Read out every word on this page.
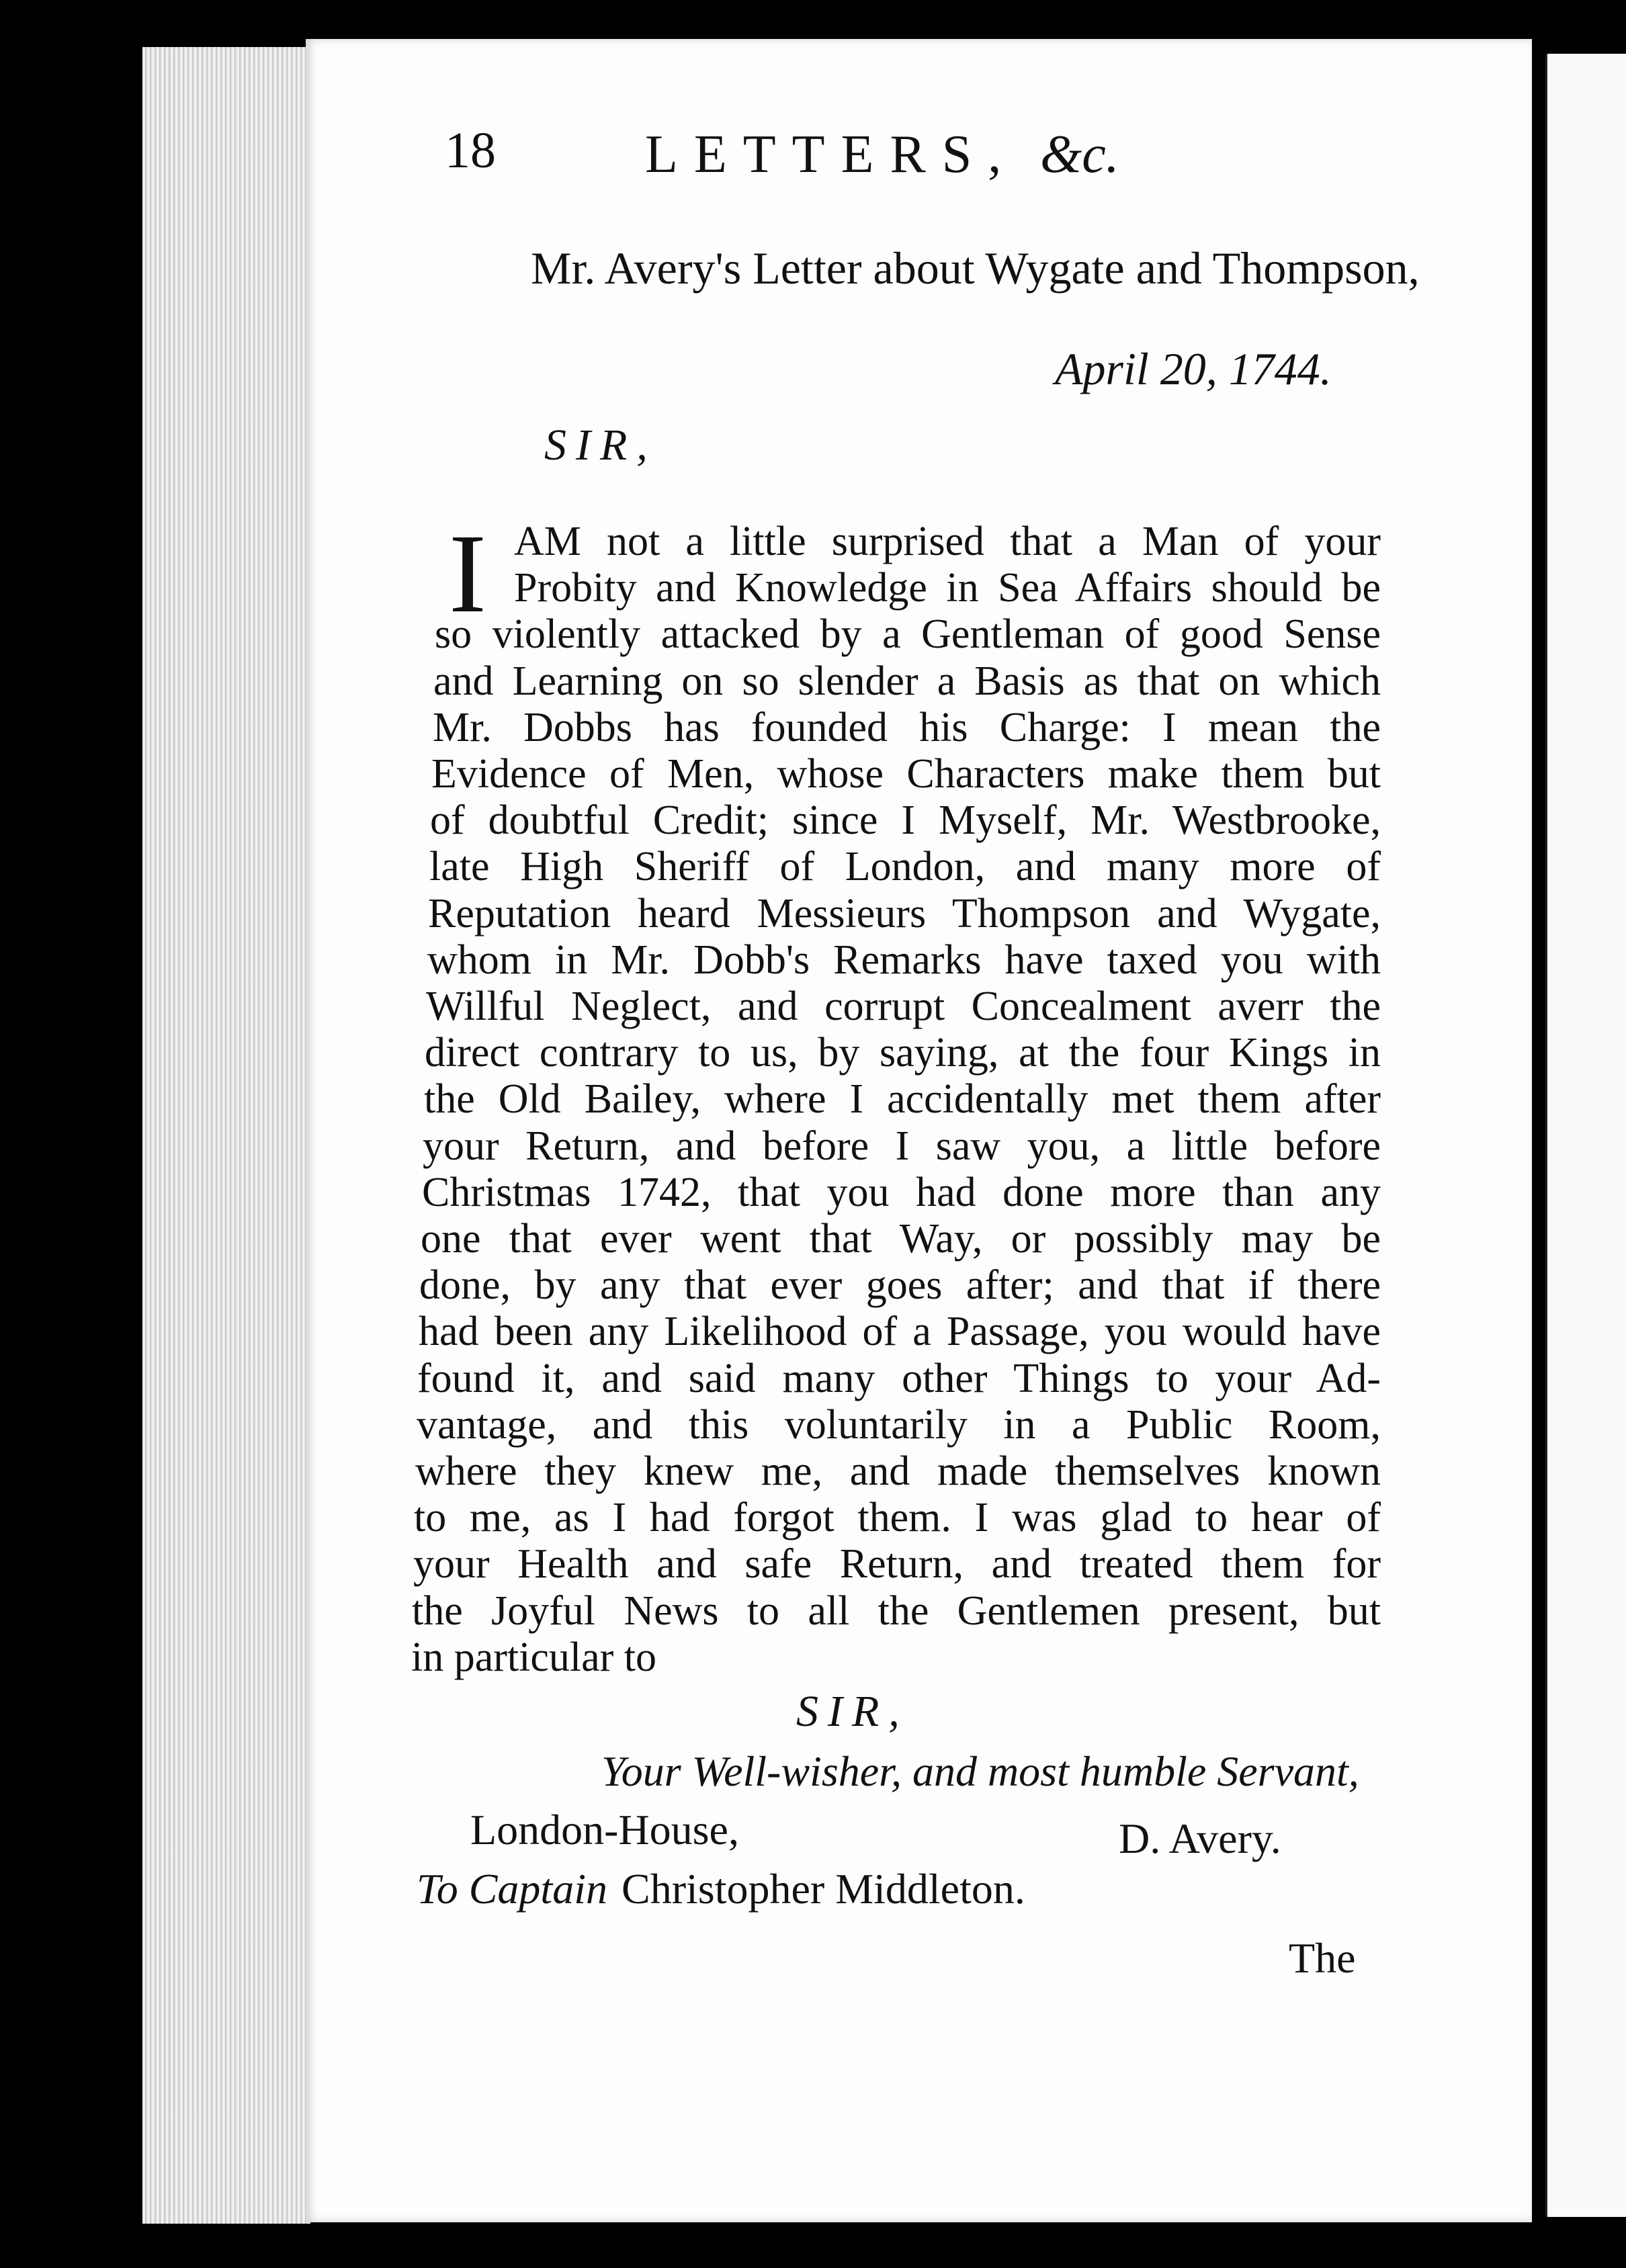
18	LETTERS, &c.
Mr. Avery's Letter about Wygate and Thompson,
April 20, 1744.
SIR,
I AM not a little surprised that a Man of your
Probity and Knowledge in Sea Affairs should be
so violently attacked by a Gentleman of good Sense
and Learning on so slender a Basis as that on which
Mr. Dobbs has founded his Charge: I mean the
Evidence of Men, whose Characters make them but
of doubtful Credit; since I Myself, Mr. Westbrooke,
late High Sheriff of London, and many more of
Reputation heard Messieurs Thompson and Wygate,
whom in Mr. Dobb's Remarks have taxed you with
Willful Neglect, and corrupt Concealment averr the
direct contrary to us, by saying, at the four Kings in
the Old Bailey, where I accidentally met them after
your Return, and before I saw you, a little before
Christmas 1742, that you had done more than any
one that ever went that Way, or possibly may be
done, by any that ever goes after; and that if there
had been any Likelihood of a Passage, you would have
found it, and said many other Things to your Ad-
vantage, and this voluntarily in a Public Room,
where they knew me, and made themselves known
to me, as I had forgot them. I was glad to hear of
your Health and safe Return, and treated them for
the Joyful News to all the Gentlemen present, but
in particular to
SIR,
Your Well-wisher, and most humble Servant,
London-House,	D. Avery.
To Captain Christopher Middleton.
The
